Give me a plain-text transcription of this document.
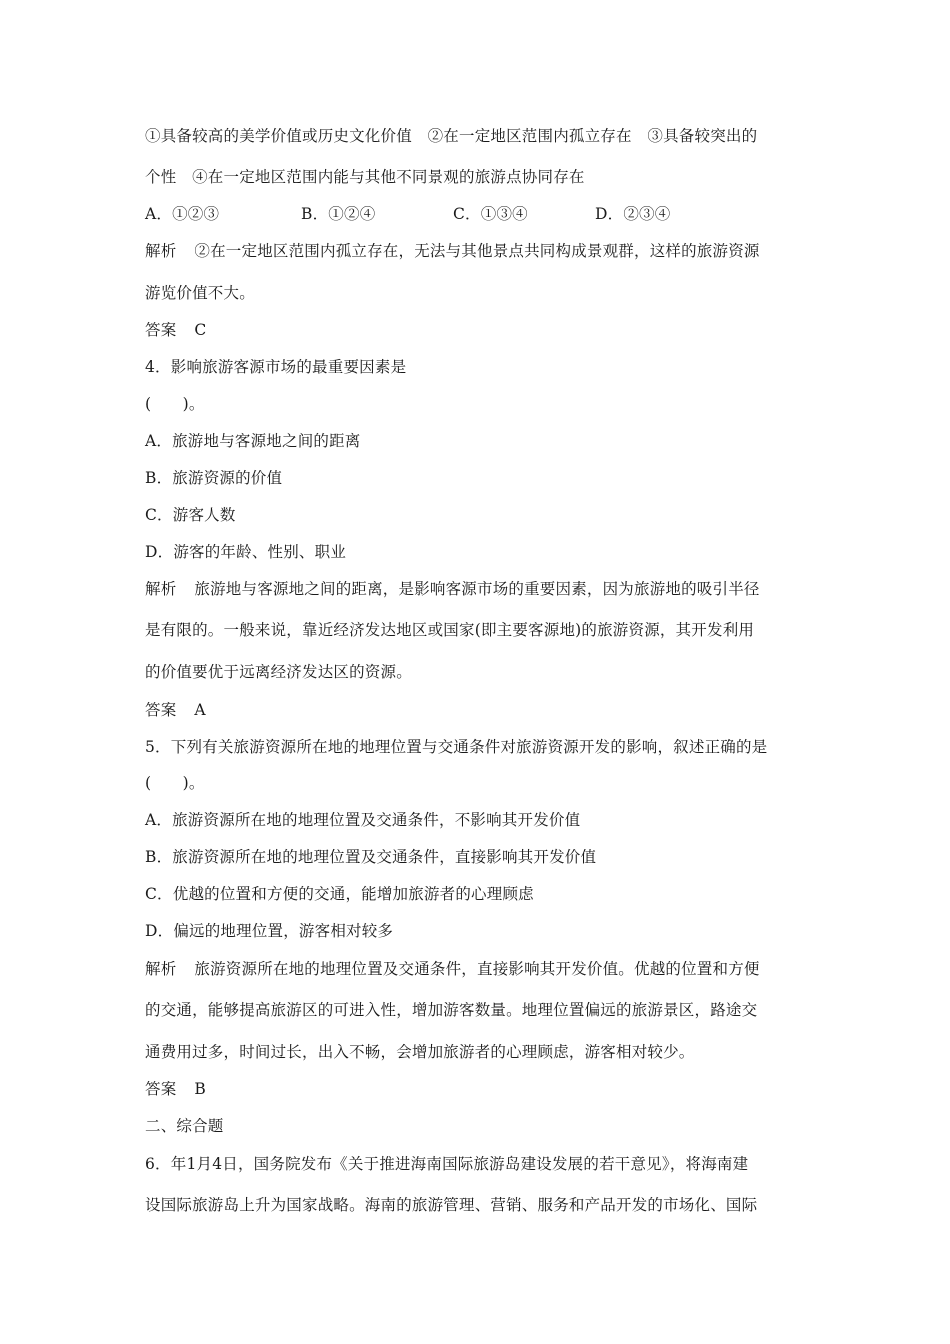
①具备较高的美学价值或历史文化价值　②在一定地区范围内孤立存在　③具备较突出的
个性　④在一定地区范围内能与其他不同景观的旅游点协同存在
A．①②③	B．①②④	C．①③④	D．②③④
解析 ②在一定地区范围内孤立存在，无法与其他景点共同构成景观群，这样的旅游资源
游览价值不大。
答案 C
4．影响旅游客源市场的最重要因素是
(　　)。
A．旅游地与客源地之间的距离
B．旅游资源的价值
C．游客人数
D．游客的年龄、性别、职业
解析 旅游地与客源地之间的距离，是影响客源市场的重要因素，因为旅游地的吸引半径
是有限的。一般来说，靠近经济发达地区或国家(即主要客源地)的旅游资源，其开发利用
的价值要优于远离经济发达区的资源。
答案 A
5．下列有关旅游资源所在地的地理位置与交通条件对旅游资源开发的影响，叙述正确的是
(　　)。
A．旅游资源所在地的地理位置及交通条件，不影响其开发价值
B．旅游资源所在地的地理位置及交通条件，直接影响其开发价值
C．优越的位置和方便的交通，能增加旅游者的心理顾虑
D．偏远的地理位置，游客相对较多
解析 旅游资源所在地的地理位置及交通条件，直接影响其开发价值。优越的位置和方便
的交通，能够提高旅游区的可进入性，增加游客数量。地理位置偏远的旅游景区，路途交
通费用过多，时间过长，出入不畅，会增加旅游者的心理顾虑，游客相对较少。
答案 B
二、综合题
6．年1月4日，国务院发布《关于推进海南国际旅游岛建设发展的若干意见》，将海南建
设国际旅游岛上升为国家战略。海南的旅游管理、营销、服务和产品开发的市场化、国际
